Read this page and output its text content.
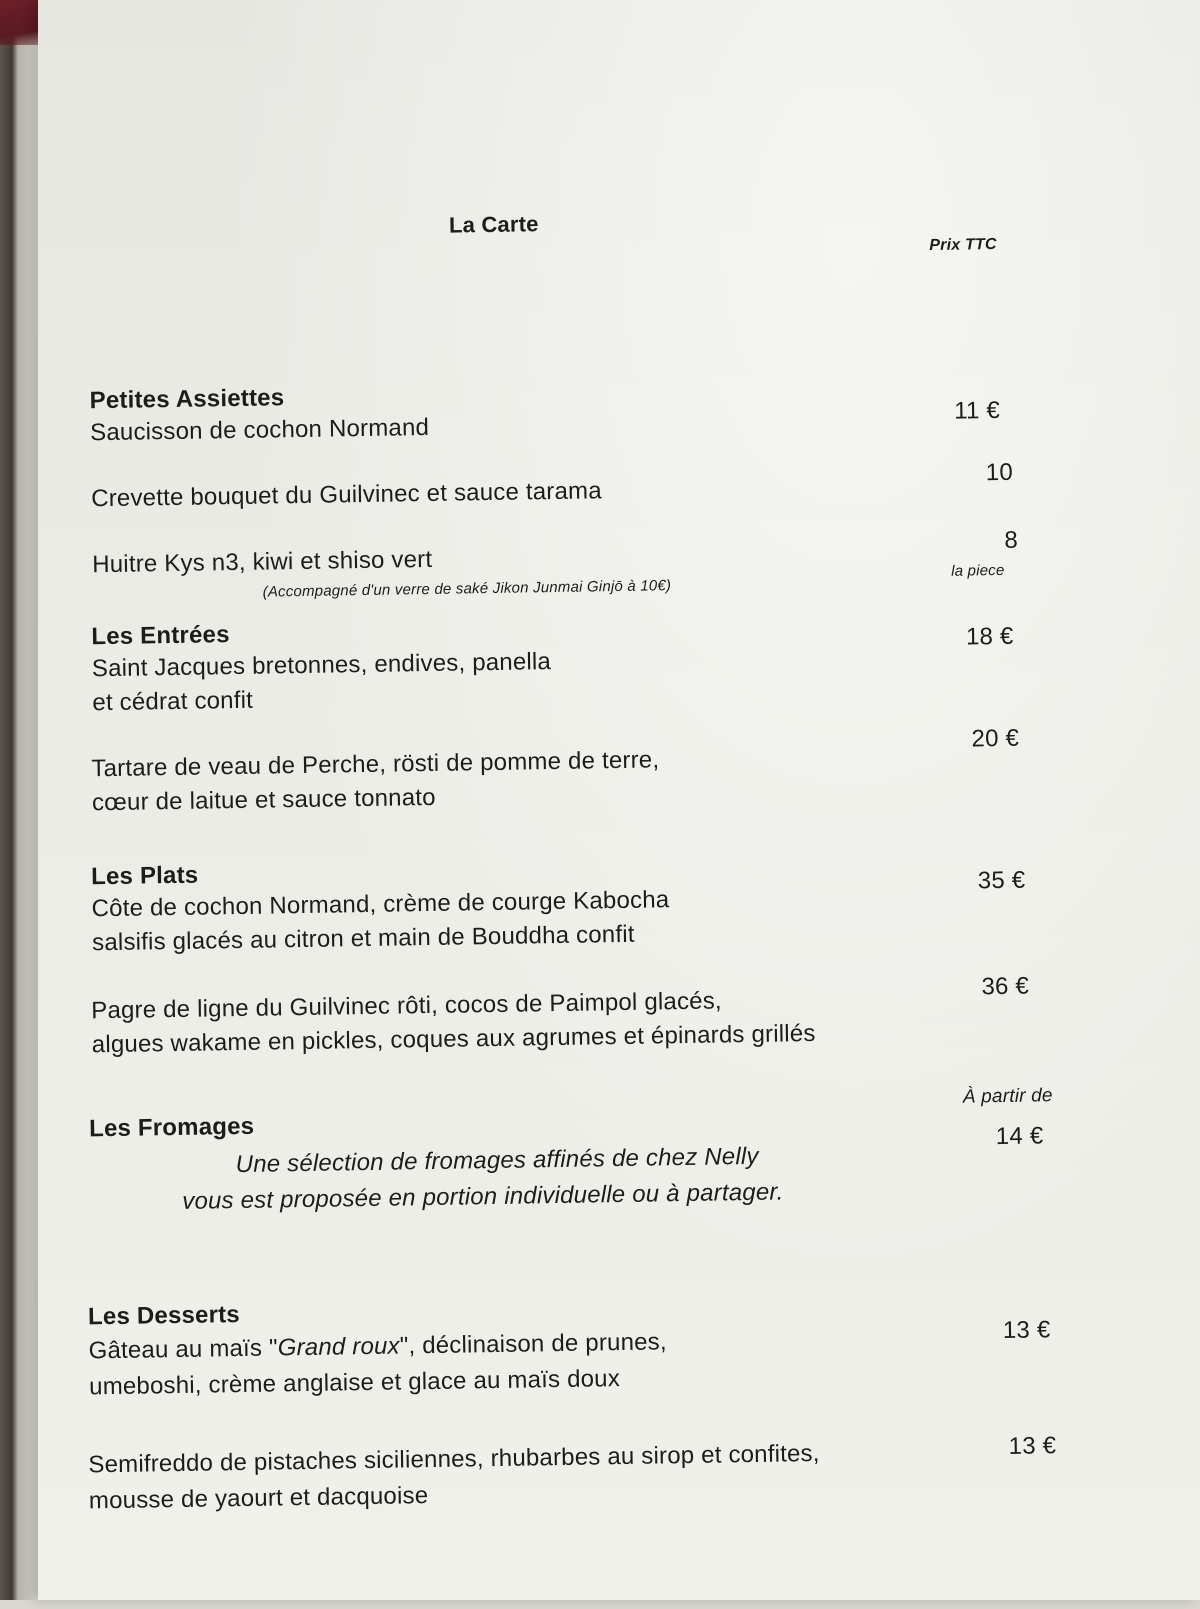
La Carte
Prix TTC
Petites Assiettes
Saucisson de cochon Normand
11 €
Crevette bouquet du Guilvinec et sauce tarama
10
Huitre Kys n3, kiwi et shiso vert
(Accompagné d'un verre de saké Jikon Junmai Ginjō à 10€)
8
la piece
Les Entrées
Saint Jacques bretonnes, endives, panella
et cédrat confit
18 €
Tartare de veau de Perche, rösti de pomme de terre,
cœur de laitue et sauce tonnato
20 €
Les Plats
Côte de cochon Normand, crème de courge Kabocha
salsifis glacés au citron et main de Bouddha confit
35 €
Pagre de ligne du Guilvinec rôti, cocos de Paimpol glacés,
algues wakame en pickles, coques aux agrumes et épinards grillés
36 €
Les Fromages
À partir de
Une sélection de fromages affinés de chez Nelly
vous est proposée en portion individuelle ou à partager.
14 €
Les Desserts
Gâteau au maïs "Grand roux", déclinaison de prunes,
umeboshi, crème anglaise et glace au maïs doux
13 €
Semifreddo de pistaches siciliennes, rhubarbes au sirop et confites,
mousse de yaourt et dacquoise
13 €
